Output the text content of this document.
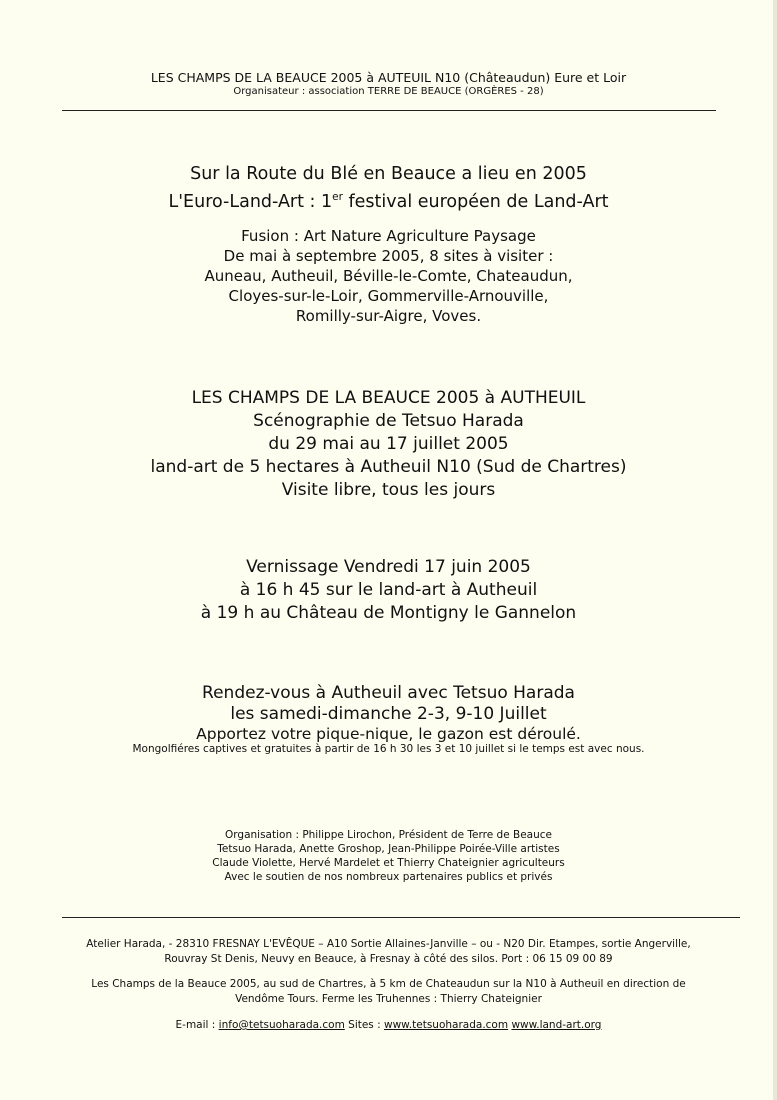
LES CHAMPS DE LA BEAUCE 2005 à AUTEUIL N10 (Châteaudun) Eure et Loir
Organisateur : association TERRE DE BEAUCE (ORGÈRES - 28)

Sur la Route du Blé en Beauce a lieu en 2005

L'Euro-Land-Art : 1er festival européen de Land-Art

Fusion : Art Nature Agriculture Paysage

De mai à septembre 2005, 8 sites à visiter :

Auneau, Autheuil, Béville-le-Comte, Chateaudun,

Cloyes-sur-le-Loir, Gommerville-Arnouville,

Romilly-sur-Aigre, Voves.

LES CHAMPS DE LA BEAUCE 2005 à AUTHEUIL

Scénographie de Tetsuo Harada

du 29 mai au 17 juillet 2005

land-art de 5 hectares à Autheuil N10 (Sud de Chartres)

Visite libre, tous les jours

Vernissage Vendredi 17 juin 2005

à 16 h 45 sur le land-art à Autheuil

à 19 h au Château de Montigny le Gannelon

Rendez-vous à Autheuil avec Tetsuo Harada

les samedi-dimanche 2-3, 9-10 Juillet

Apportez votre pique-nique, le gazon est déroulé.

Mongolfiéres captives et gratuites à partir de 16 h 30 les 3 et 10 juillet si le temps est avec nous.

Organisation : Philippe Lirochon, Président de Terre de Beauce

Tetsuo Harada, Anette Groshop, Jean-Philippe Poirée-Ville artistes

Claude Violette, Hervé Mardelet et Thierry Chateignier agriculteurs

Avec le soutien de nos nombreux partenaires publics et privés

Atelier Harada, - 28310 FRESNAY L'EVÊQUE – A10 Sortie Allaines-Janville – ou - N20 Dir. Etampes, sortie Angerville,

Rouvray St Denis, Neuvy en Beauce, à Fresnay à côté des silos. Port : 06 15 09 00 89

Les Champs de la Beauce 2005, au sud de Chartres, à 5 km de Chateaudun sur la N10 à Autheuil en direction de

Vendôme Tours. Ferme les Truhennes : Thierry Chateignier

E-mail : info@tetsuoharada.com Sites : www.tetsuoharada.com www.land-art.org
